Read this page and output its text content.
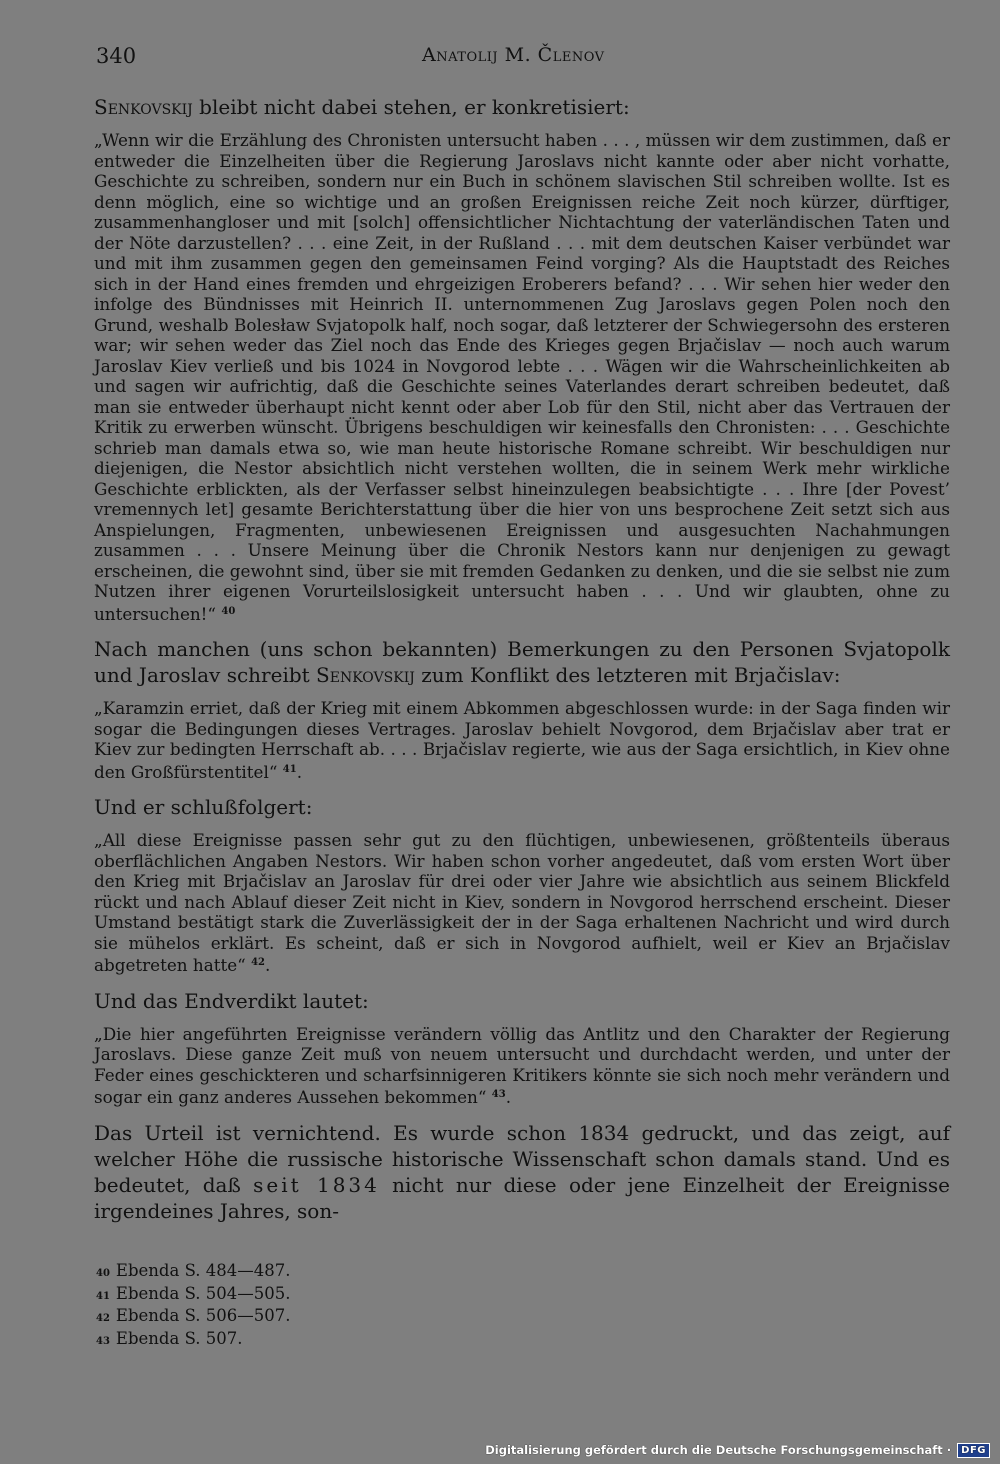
340	Anatolij M. Členov

Senkovskij bleibt nicht dabei stehen, er konkretisiert:

„Wenn wir die Erzählung des Chronisten untersucht haben . . . , müssen wir dem zustimmen, daß er entweder die Einzelheiten über die Regierung Jaroslavs nicht kannte oder aber nicht vorhatte, Geschichte zu schreiben, sondern nur ein Buch in schönem slavischen Stil schreiben wollte. Ist es denn möglich, eine so wichtige und an großen Ereignissen reiche Zeit noch kürzer, dürftiger, zusammenhangloser und mit [solch] offensichtlicher Nichtachtung der vaterländischen Taten und der Nöte darzustellen? . . . eine Zeit, in der Rußland . . . mit dem deutschen Kaiser verbündet war und mit ihm zusammen gegen den gemeinsamen Feind vorging? Als die Hauptstadt des Reiches sich in der Hand eines fremden und ehrgeizigen Eroberers befand? . . . Wir sehen hier weder den infolge des Bündnisses mit Heinrich II. unternommenen Zug Jaroslavs gegen Polen noch den Grund, weshalb Bolesław Svjatopolk half, noch sogar, daß letzterer der Schwiegersohn des ersteren war; wir sehen weder das Ziel noch das Ende des Krieges gegen Brjačislav — noch auch warum Jaroslav Kiev verließ und bis 1024 in Novgorod lebte . . . Wägen wir die Wahrscheinlichkeiten ab und sagen wir aufrichtig, daß die Geschichte seines Vaterlandes derart schreiben bedeutet, daß man sie entweder überhaupt nicht kennt oder aber Lob für den Stil, nicht aber das Vertrauen der Kritik zu erwerben wünscht. Übrigens beschuldigen wir keinesfalls den Chronisten: . . . Geschichte schrieb man damals etwa so, wie man heute historische Romane schreibt. Wir beschuldigen nur diejenigen, die Nestor absichtlich nicht verstehen wollten, die in seinem Werk mehr wirkliche Geschichte erblickten, als der Verfasser selbst hineinzulegen beabsichtigte . . . Ihre [der Povest’ vremennych let] gesamte Berichterstattung über die hier von uns besprochene Zeit setzt sich aus Anspielungen, Fragmenten, unbewiesenen Ereignissen und ausgesuchten Nachahmungen zusammen . . . Unsere Meinung über die Chronik Nestors kann nur denjenigen zu gewagt erscheinen, die gewohnt sind, über sie mit fremden Gedanken zu denken, und die sie selbst nie zum Nutzen ihrer eigenen Vorurteilslosigkeit untersucht haben . . . Und wir glaubten, ohne zu untersuchen!“ $^{40}$

Nach manchen (uns schon bekannten) Bemerkungen zu den Personen Svjatopolk und Jaroslav schreibt Senkovskij zum Konflikt des letzteren mit Brjačislav:

„Karamzin erriet, daß der Krieg mit einem Abkommen abgeschlossen wurde: in der Saga finden wir sogar die Bedingungen dieses Vertrages. Jaroslav behielt Novgorod, dem Brjačislav aber trat er Kiev zur bedingten Herrschaft ab. . . . Brjačislav regierte, wie aus der Saga ersichtlich, in Kiev ohne den Großfürstentitel“ $^{41}$.

Und er schlußfolgert:

„All diese Ereignisse passen sehr gut zu den flüchtigen, unbewiesenen, größtenteils überaus oberflächlichen Angaben Nestors. Wir haben schon vorher angedeutet, daß vom ersten Wort über den Krieg mit Brjačislav an Jaroslav für drei oder vier Jahre wie absichtlich aus seinem Blickfeld rückt und nach Ablauf dieser Zeit nicht in Kiev, sondern in Novgorod herrschend erscheint. Dieser Umstand bestätigt stark die Zuverlässigkeit der in der Saga erhaltenen Nachricht und wird durch sie mühelos erklärt. Es scheint, daß er sich in Novgorod aufhielt, weil er Kiev an Brjačislav abgetreten hatte“ $^{42}$.

Und das Endverdikt lautet:

„Die hier angeführten Ereignisse verändern völlig das Antlitz und den Charakter der Regierung Jaroslavs. Diese ganze Zeit muß von neuem untersucht und durchdacht werden, und unter der Feder eines geschickteren und scharfsinnigeren Kritikers könnte sie sich noch mehr verändern und sogar ein ganz anderes Aussehen bekommen“ $^{43}$.

Das Urteil ist vernichtend. Es wurde schon 1834 gedruckt, und das zeigt, auf welcher Höhe die russische historische Wissenschaft schon damals stand. Und es bedeutet, daß seit 1834 nicht nur diese oder jene Einzelheit der Ereignisse irgendeines Jahres, son-

40 Ebenda S. 484—487.
41 Ebenda S. 504—505.
42 Ebenda S. 506—507.
43 Ebenda S. 507.
Digitalisierung gefördert durch die Deutsche Forschungsgemeinschaft ·	DFG
